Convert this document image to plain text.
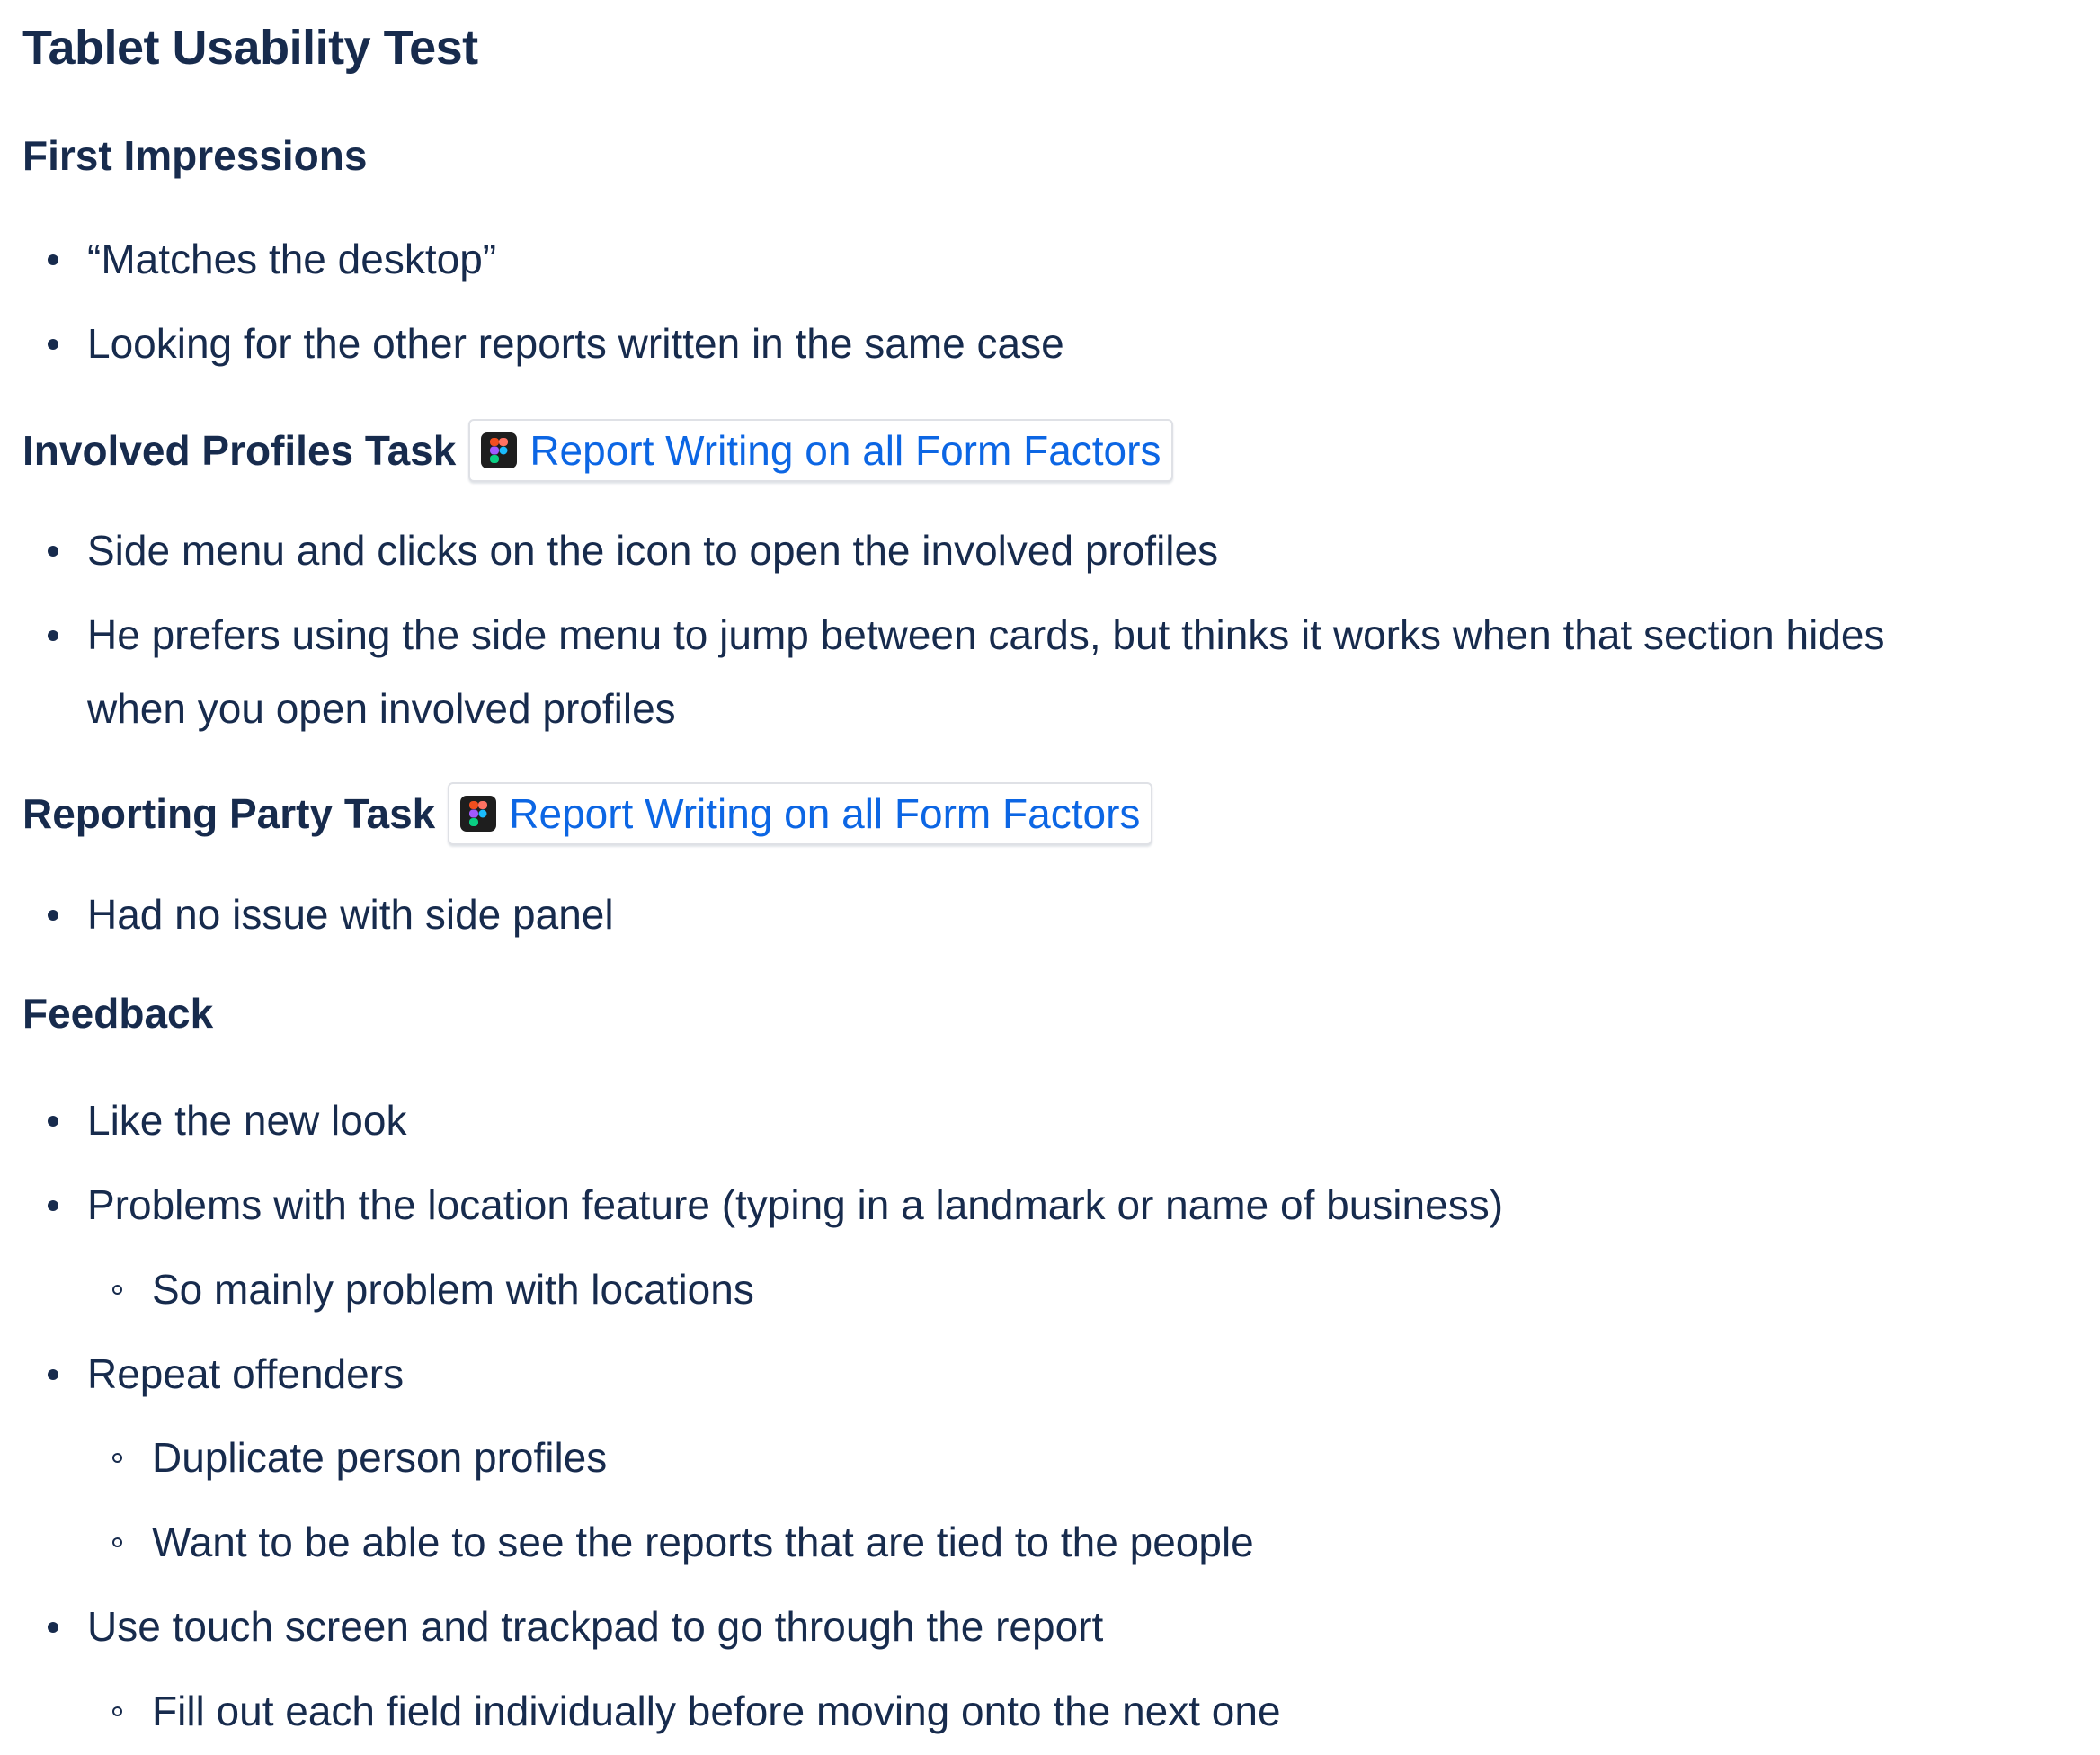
Tablet Usability Test
First Impressions
“Matches the desktop”
Looking for the other reports written in the same case
Involved Profiles Task Report Writing on all Form Factors
Side menu and clicks on the icon to open the involved profiles
He prefers using the side menu to jump between cards, but thinks it works when that section hides
when you open involved profiles
Reporting Party Task Report Writing on all Form Factors
Had no issue with side panel
Feedback
Like the new look
Problems with the location feature (typing in a landmark or name of business)
So mainly problem with locations
Repeat offenders
Duplicate person profiles
Want to be able to see the reports that are tied to the people
Use touch screen and trackpad to go through the report
Fill out each field individually before moving onto the next one
